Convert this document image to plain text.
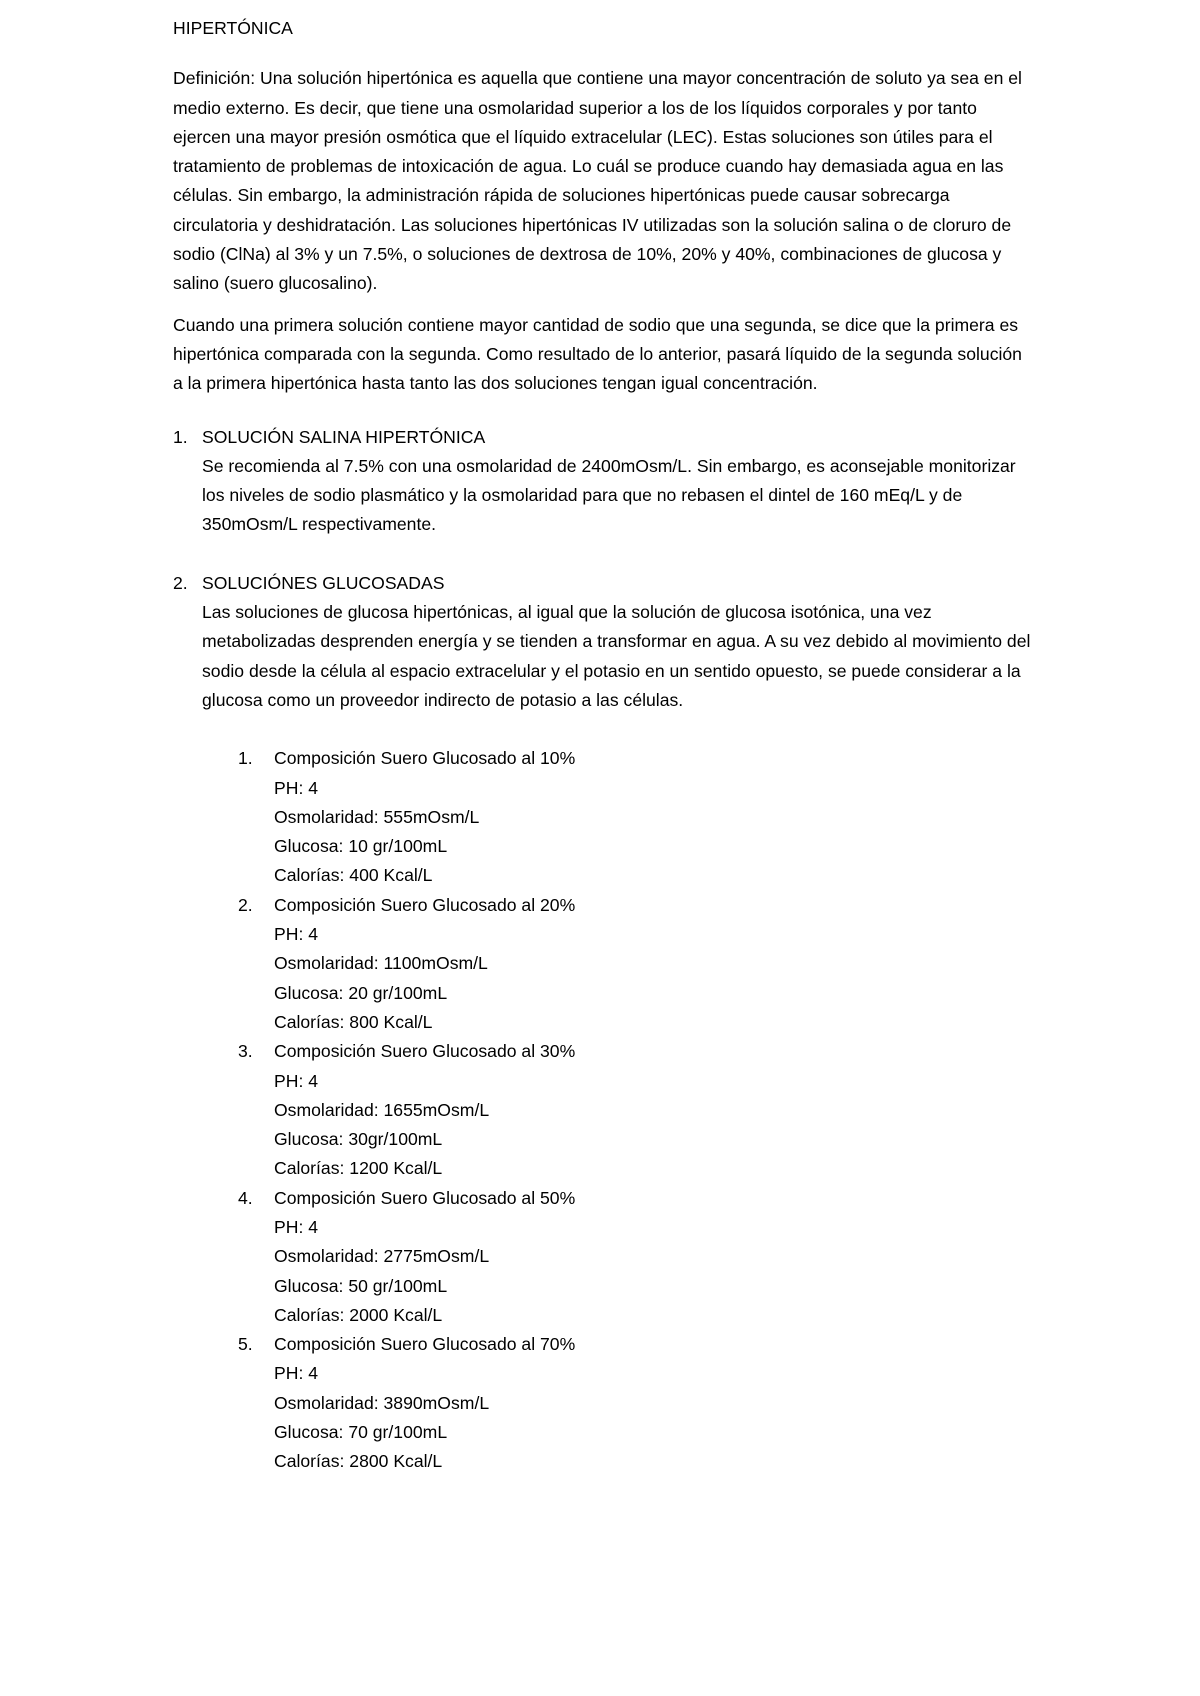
HIPERTÓNICA

Definición: Una solución hipertónica es aquella que contiene una mayor concentración de soluto ya sea en el medio externo. Es decir, que tiene una osmolaridad superior a los de los líquidos corporales y por tanto ejercen una mayor presión osmótica que el líquido extracelular (LEC). Estas soluciones son útiles para el tratamiento de problemas de intoxicación de agua. Lo cuál se produce cuando hay demasiada agua en las células. Sin embargo, la administración rápida de soluciones hipertónicas puede causar sobrecarga circulatoria y deshidratación. Las soluciones hipertónicas IV utilizadas son la solución salina o de cloruro de sodio (ClNa) al 3% y un 7.5%, o soluciones de dextrosa de 10%, 20% y 40%, combinaciones de glucosa y salino (suero glucosalino).

Cuando una primera solución contiene mayor cantidad de sodio que una segunda, se dice que la primera es hipertónica comparada con la segunda. Como resultado de lo anterior, pasará líquido de la segunda solución a la primera hipertónica hasta tanto las dos soluciones tengan igual concentración.

1. SOLUCIÓN SALINA HIPERTÓNICA
Se recomienda al 7.5% con una osmolaridad de 2400mOsm/L. Sin embargo, es aconsejable monitorizar los niveles de sodio plasmático y la osmolaridad para que no rebasen el dintel de 160 mEq/L y de 350mOsm/L respectivamente.
2. SOLUCIÓNES GLUCOSADAS
Las soluciones de glucosa hipertónicas, al igual que la solución de glucosa isotónica, una vez metabolizadas desprenden energía y se tienden a transformar en agua. A su vez debido al movimiento del sodio desde la célula al espacio extracelular y el potasio en un sentido opuesto, se puede considerar a la glucosa como un proveedor indirecto de potasio a las células.
1. Composición Suero Glucosado al 10%
PH: 4
Osmolaridad: 555mOsm/L
Glucosa: 10 gr/100mL
Calorías: 400 Kcal/L
2. Composición Suero Glucosado al 20%
PH: 4
Osmolaridad: 1100mOsm/L
Glucosa: 20 gr/100mL
Calorías: 800 Kcal/L
3. Composición Suero Glucosado al 30%
PH: 4
Osmolaridad: 1655mOsm/L
Glucosa: 30gr/100mL
Calorías: 1200 Kcal/L
4. Composición Suero Glucosado al 50%
PH: 4
Osmolaridad: 2775mOsm/L
Glucosa: 50 gr/100mL
Calorías: 2000 Kcal/L
5. Composición Suero Glucosado al 70%
PH: 4
Osmolaridad: 3890mOsm/L
Glucosa: 70 gr/100mL
Calorías: 2800 Kcal/L
